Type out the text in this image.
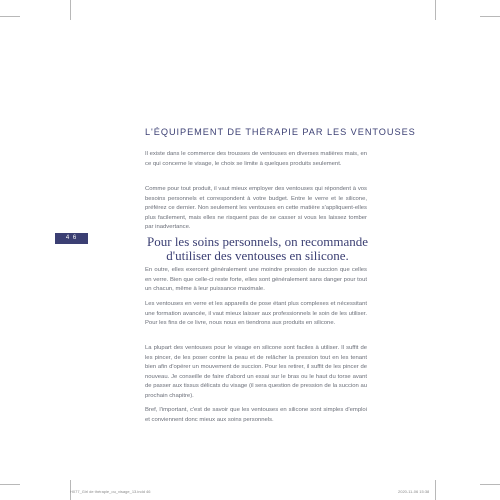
L'ÉQUIPEMENT DE THÉRAPIE PAR LES VENTOUSES

Il existe dans le commerce des trousses de ventouses en diverses matières mais, en ce qui concerne le visage, le choix se limite à quelques produits seulement.

Comme pour tout produit, il vaut mieux employer des ventouses qui répondent à vos besoins personnels et correspondent à votre budget. Entre le verre et le silicone, préférez ce dernier. Non seulement les ventouses en cette matière s'appliquent-elles plus facilement, mais elles ne risquent pas de se casser si vous les laissez tomber par inadvertance.

4 6	Pour les soins personnels, on recommande d'utiliser des ventouses en silicone.

En outre, elles exercent généralement une moindre pression de succion que celles en verre. Bien que celle-ci reste forte, elles sont généralement sans danger pour tout un chacun, même à leur puissance maximale.

Les ventouses en verre et les appareils de pose étant plus complexes et nécessitant une formation avancée, il vaut mieux laisser aux professionnels le soin de les utiliser. Pour les fins de ce livre, nous nous en tiendrons aux produits en silicone.

La plupart des ventouses pour le visage en silicone sont faciles à utiliser. Il suffit de les pincer, de les poser contre la peau et de relâcher la pression tout en les tenant bien afin d'opérer un mouvement de succion. Pour les retirer, il suffit de les pincer de nouveau. Je conseille de faire d'abord un essai sur le bras ou le haut du torse avant de passer aux tissus délicats du visage (il sera question de pression de la succion au prochain chapitre).

Bref, l'important, c'est de savoir que les ventouses en silicone sont simples d'emploi et conviennent donc mieux aux soins personnels.

H077_Girl de thérapie_ou_visage_13.indd 46	2020-11-06 15:38
